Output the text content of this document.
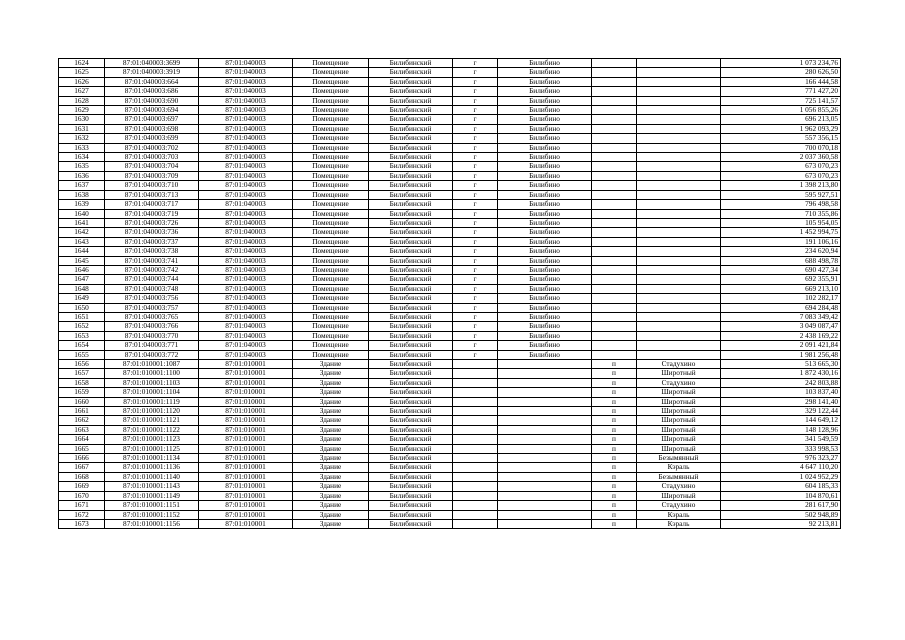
1624	87:01:040003:3699	87:01:040003	Помещение	Билибинский	г	Билибино			1 073 234,76
1625	87:01:040003:3919	87:01:040003	Помещение	Билибинский	г	Билибино			280 626,50
1626	87:01:040003:664	87:01:040003	Помещение	Билибинский	г	Билибино			166 444,58
1627	87:01:040003:686	87:01:040003	Помещение	Билибинский	г	Билибино			771 427,20
1628	87:01:040003:690	87:01:040003	Помещение	Билибинский	г	Билибино			725 141,57
1629	87:01:040003:694	87:01:040003	Помещение	Билибинский	г	Билибино			1 056 855,26
1630	87:01:040003:697	87:01:040003	Помещение	Билибинский	г	Билибино			696 213,05
1631	87:01:040003:698	87:01:040003	Помещение	Билибинский	г	Билибино			1 962 093,29
1632	87:01:040003:699	87:01:040003	Помещение	Билибинский	г	Билибино			557 356,15
1633	87:01:040003:702	87:01:040003	Помещение	Билибинский	г	Билибино			700 070,18
1634	87:01:040003:703	87:01:040003	Помещение	Билибинский	г	Билибино			2 037 360,58
1635	87:01:040003:704	87:01:040003	Помещение	Билибинский	г	Билибино			673 070,23
1636	87:01:040003:709	87:01:040003	Помещение	Билибинский	г	Билибино			673 070,23
1637	87:01:040003:710	87:01:040003	Помещение	Билибинский	г	Билибино			1 398 213,80
1638	87:01:040003:713	87:01:040003	Помещение	Билибинский	г	Билибино			595 927,51
1639	87:01:040003:717	87:01:040003	Помещение	Билибинский	г	Билибино			796 498,58
1640	87:01:040003:719	87:01:040003	Помещение	Билибинский	г	Билибино			710 355,86
1641	87:01:040003:726	87:01:040003	Помещение	Билибинский	г	Билибино			105 954,05
1642	87:01:040003:736	87:01:040003	Помещение	Билибинский	г	Билибино			1 452 994,75
1643	87:01:040003:737	87:01:040003	Помещение	Билибинский	г	Билибино			191 106,16
1644	87:01:040003:738	87:01:040003	Помещение	Билибинский	г	Билибино			234 620,94
1645	87:01:040003:741	87:01:040003	Помещение	Билибинский	г	Билибино			688 498,78
1646	87:01:040003:742	87:01:040003	Помещение	Билибинский	г	Билибино			690 427,34
1647	87:01:040003:744	87:01:040003	Помещение	Билибинский	г	Билибино			692 355,91
1648	87:01:040003:748	87:01:040003	Помещение	Билибинский	г	Билибино			669 213,10
1649	87:01:040003:756	87:01:040003	Помещение	Билибинский	г	Билибино			102 282,17
1650	87:01:040003:757	87:01:040003	Помещение	Билибинский	г	Билибино			694 284,48
1651	87:01:040003:765	87:01:040003	Помещение	Билибинский	г	Билибино			7 083 349,42
1652	87:01:040003:766	87:01:040003	Помещение	Билибинский	г	Билибино			3 049 087,47
1653	87:01:040003:770	87:01:040003	Помещение	Билибинский	г	Билибино			2 438 169,22
1654	87:01:040003:771	87:01:040003	Помещение	Билибинский	г	Билибино			2 091 421,84
1655	87:01:040003:772	87:01:040003	Помещение	Билибинский	г	Билибино			1 981 256,48
1656	87:01:010001:1087	87:01:010001	Здание	Билибинский			п	Стадухино	513 665,30
1657	87:01:010001:1100	87:01:010001	Здание	Билибинский			п	Широтный	1 872 430,16
1658	87:01:010001:1103	87:01:010001	Здание	Билибинский			п	Стадухино	242 803,88
1659	87:01:010001:1104	87:01:010001	Здание	Билибинский			п	Широтный	103 837,40
1660	87:01:010001:1119	87:01:010001	Здание	Билибинский			п	Широтный	298 141,40
1661	87:01:010001:1120	87:01:010001	Здание	Билибинский			п	Широтный	329 122,44
1662	87:01:010001:1121	87:01:010001	Здание	Билибинский			п	Широтный	144 649,12
1663	87:01:010001:1122	87:01:010001	Здание	Билибинский			п	Широтный	148 128,96
1664	87:01:010001:1123	87:01:010001	Здание	Билибинский			п	Широтный	341 549,59
1665	87:01:010001:1125	87:01:010001	Здание	Билибинский			п	Широтный	333 998,53
1666	87:01:010001:1134	87:01:010001	Здание	Билибинский			п	Безымянный	976 323,27
1667	87:01:010001:1136	87:01:010001	Здание	Билибинский			п	Кэраль	4 647 110,20
1668	87:01:010001:1140	87:01:010001	Здание	Билибинский			п	Безымянный	1 024 952,29
1669	87:01:010001:1143	87:01:010001	Здание	Билибинский			п	Стадухино	604 185,33
1670	87:01:010001:1149	87:01:010001	Здание	Билибинский			п	Широтный	104 870,61
1671	87:01:010001:1151	87:01:010001	Здание	Билибинский			п	Стадухино	281 617,90
1672	87:01:010001:1152	87:01:010001	Здание	Билибинский			п	Кэраль	502 948,89
1673	87:01:010001:1156	87:01:010001	Здание	Билибинский			п	Кэраль	92 213,81
